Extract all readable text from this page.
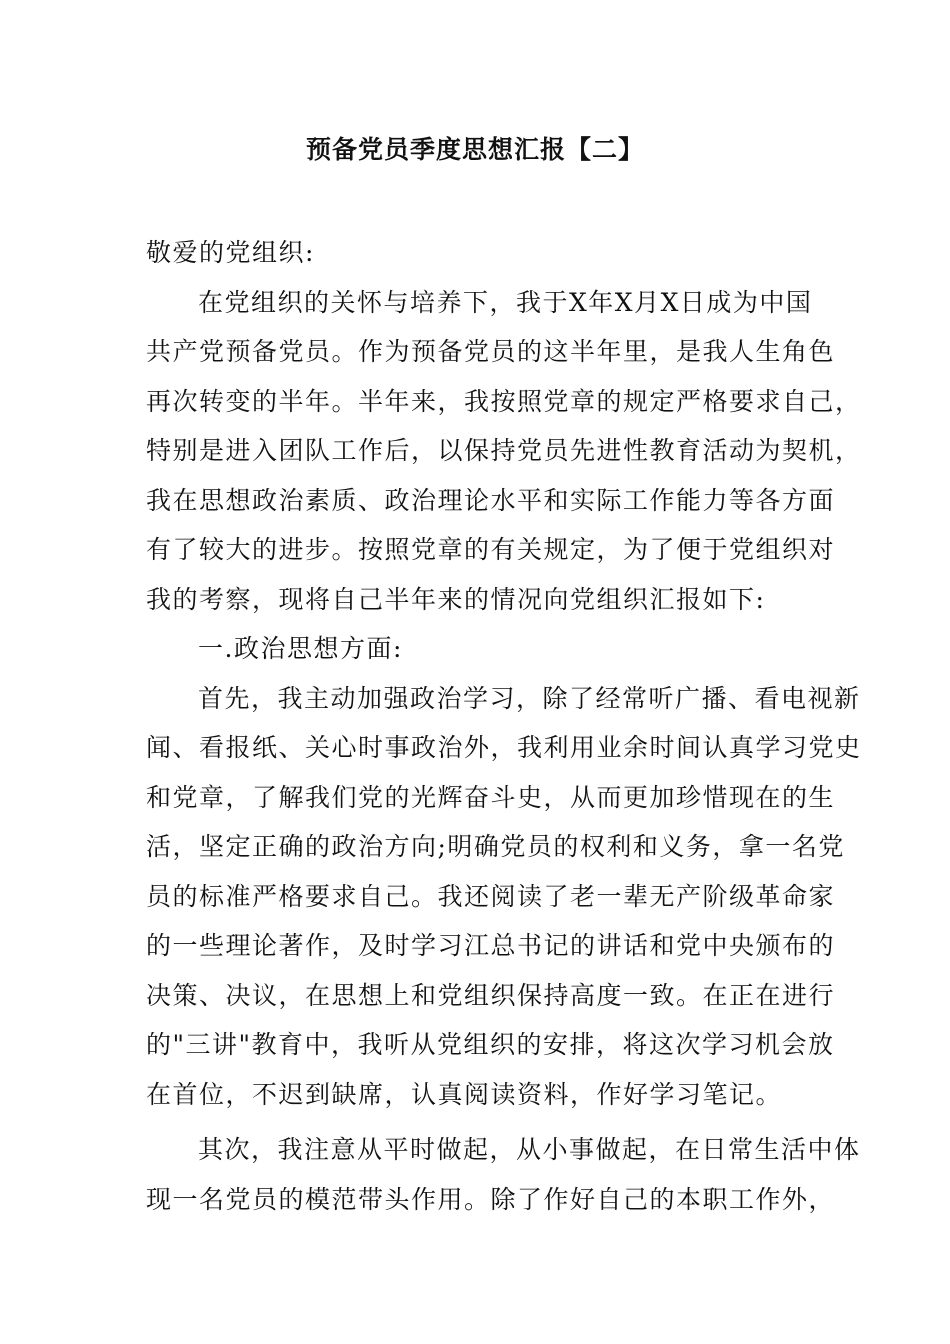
预备党员季度思想汇报【二】
敬爱的党组织:
在党组织的关怀与培养下，我于X年X月X日成为中国
共产党预备党员。作为预备党员的这半年里，是我人生角色
再次转变的半年。半年来，我按照党章的规定严格要求自己，
特别是进入团队工作后，以保持党员先进性教育活动为契机，
我在思想政治素质、政治理论水平和实际工作能力等各方面
有了较大的进步。按照党章的有关规定，为了便于党组织对
我的考察，现将自己半年来的情况向党组织汇报如下:
一.政治思想方面:
首先，我主动加强政治学习，除了经常听广播、看电视新
闻、看报纸、关心时事政治外，我利用业余时间认真学习党史
和党章，了解我们党的光辉奋斗史，从而更加珍惜现在的生
活，坚定正确的政治方向;明确党员的权利和义务，拿一名党
员的标准严格要求自己。我还阅读了老一辈无产阶级革命家
的一些理论著作，及时学习江总书记的讲话和党中央颁布的
决策、决议，在思想上和党组织保持高度一致。在正在进行
的"三讲"教育中，我听从党组织的安排，将这次学习机会放
在首位，不迟到缺席，认真阅读资料，作好学习笔记。
其次，我注意从平时做起，从小事做起，在日常生活中体
现一名党员的模范带头作用。除了作好自己的本职工作外，
